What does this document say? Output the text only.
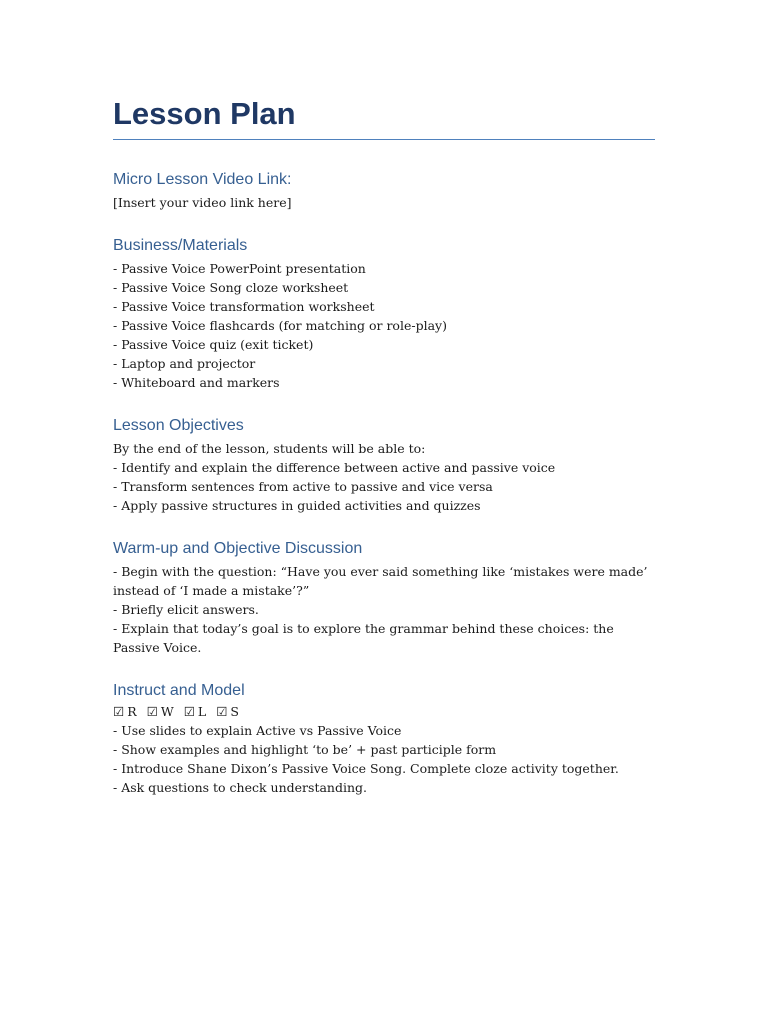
Lesson Plan
Micro Lesson Video Link:

[Insert your video link here]

Business/Materials

- Passive Voice PowerPoint presentation

- Passive Voice Song cloze worksheet

- Passive Voice transformation worksheet

- Passive Voice flashcards (for matching or role-play)

- Passive Voice quiz (exit ticket)

- Laptop and projector

- Whiteboard and markers

Lesson Objectives

By the end of the lesson, students will be able to:

- Identify and explain the difference between active and passive voice

- Transform sentences from active to passive and vice versa

- Apply passive structures in guided activities and quizzes

Warm-up and Objective Discussion

- Begin with the question: “Have you ever said something like ‘mistakes were made’ instead of ‘I made a mistake’?”

- Briefly elicit answers.

- Explain that today’s goal is to explore the grammar behind these choices: the Passive Voice.

Instruct and Model
☑ R ☑ W ☑ L ☑ S

- Use slides to explain Active vs Passive Voice

- Show examples and highlight ‘to be’ + past participle form

- Introduce Shane Dixon’s Passive Voice Song. Complete cloze activity together.

- Ask questions to check understanding.
